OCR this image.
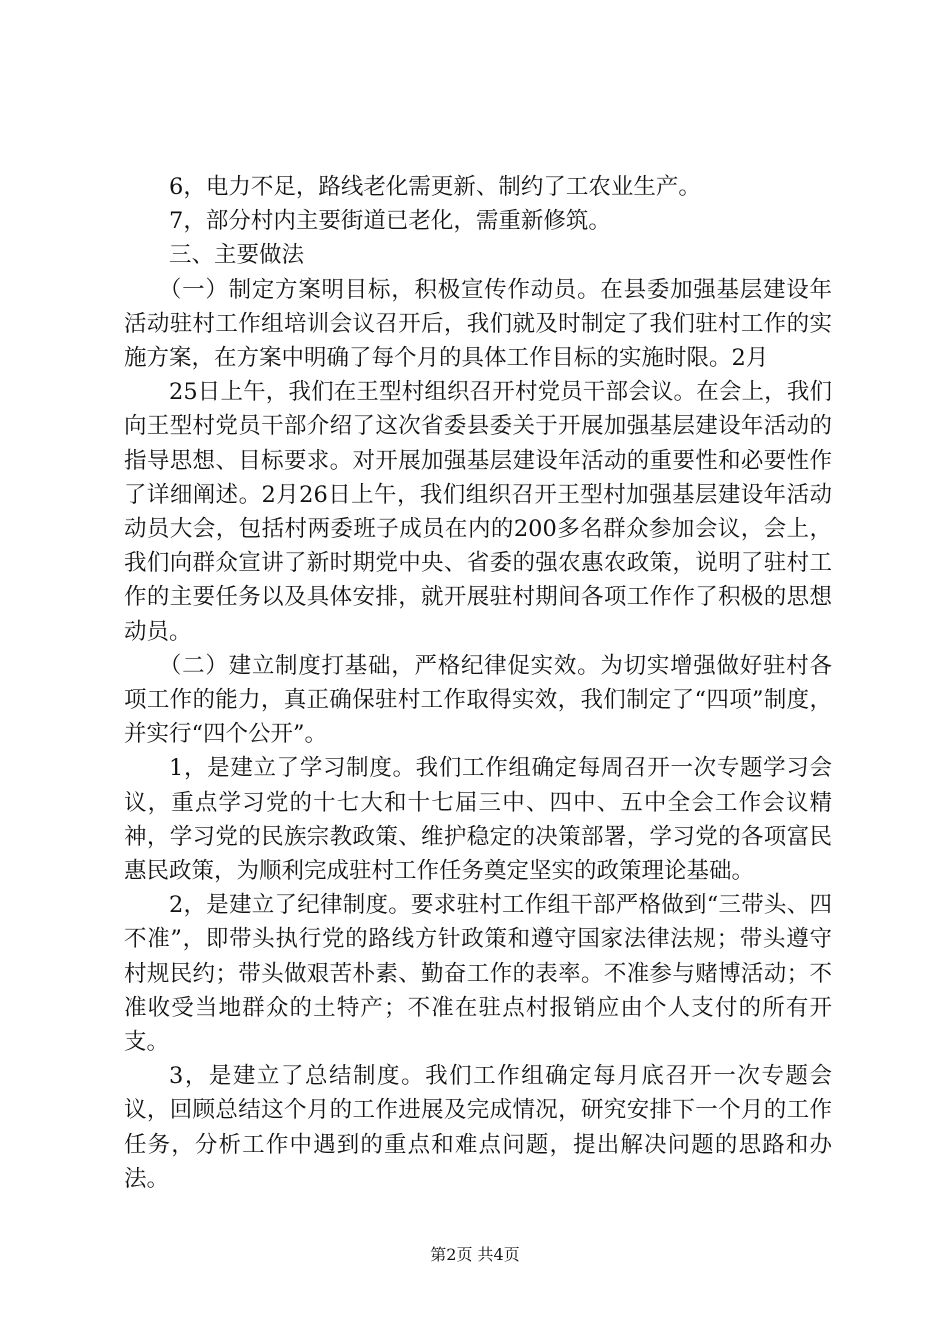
6，电力不足，路线老化需更新、制约了工农业生产。

7，部分村内主要街道已老化，需重新修筑。

三、主要做法

（一）制定方案明目标，积极宣传作动员。在县委加强基层建设年活动驻村工作组培训会议召开后，我们就及时制定了我们驻村工作的实施方案，在方案中明确了每个月的具体工作目标的实施时限。2月

25日上午，我们在王型村组织召开村党员干部会议。在会上，我们向王型村党员干部介绍了这次省委县委关于开展加强基层建设年活动的指导思想、目标要求。对开展加强基层建设年活动的重要性和必要性作了详细阐述。2月26日上午，我们组织召开王型村加强基层建设年活动动员大会，包括村两委班子成员在内的200多名群众参加会议，会上，我们向群众宣讲了新时期党中央、省委的强农惠农政策，说明了驻村工作的主要任务以及具体安排，就开展驻村期间各项工作作了积极的思想动员。

（二）建立制度打基础，严格纪律促实效。为切实增强做好驻村各项工作的能力，真正确保驻村工作取得实效，我们制定了“四项”制度，并实行“四个公开”。

1，是建立了学习制度。我们工作组确定每周召开一次专题学习会议，重点学习党的十七大和十七届三中、四中、五中全会工作会议精神，学习党的民族宗教政策、维护稳定的决策部署，学习党的各项富民惠民政策，为顺利完成驻村工作任务奠定坚实的政策理论基础。

2，是建立了纪律制度。要求驻村工作组干部严格做到“三带头、四不准”，即带头执行党的路线方针政策和遵守国家法律法规；带头遵守村规民约；带头做艰苦朴素、勤奋工作的表率。不准参与赌博活动；不准收受当地群众的土特产；不准在驻点村报销应由个人支付的所有开支。

3，是建立了总结制度。我们工作组确定每月底召开一次专题会议，回顾总结这个月的工作进展及完成情况，研究安排下一个月的工作任务，分析工作中遇到的重点和难点问题，提出解决问题的思路和办法。

第2页 共4页
